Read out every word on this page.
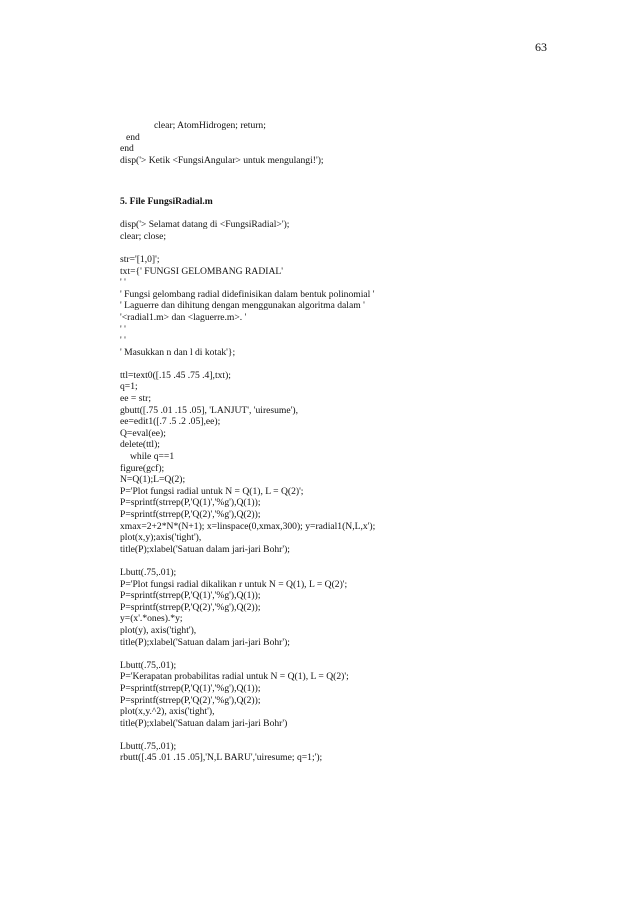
63
clear; AtomHidrogen; return;
end
end
disp('> Ketik <FungsiAngular> untuk mengulangi!');
5. File FungsiRadial.m
disp('> Selamat datang di <FungsiRadial>');
clear; close;
str='[1,0]';
txt={' FUNGSI GELOMBANG RADIAL'
' '
' Fungsi gelombang radial didefinisikan dalam bentuk polinomial '
' Laguerre dan dihitung dengan menggunakan algoritma dalam '
'<radial1.m> dan <laguerre.m>. '
' '
' '
' Masukkan n dan l di kotak'};
ttl=text0([.15 .45 .75 .4],txt);
q=1;
ee = str;
gbutt([.75 .01 .15 .05], 'LANJUT', 'uiresume'),
ee=edit1([.7 .5 .2 .05],ee);
Q=eval(ee);
delete(ttl);
while q==1
figure(gcf);
N=Q(1);L=Q(2);
P='Plot fungsi radial untuk N = Q(1), L = Q(2)';
P=sprintf(strrep(P,'Q(1)','%g'),Q(1));
P=sprintf(strrep(P,'Q(2)','%g'),Q(2));
xmax=2+2*N*(N+1); x=linspace(0,xmax,300); y=radial1(N,L,x');
plot(x,y);axis('tight'),
title(P);xlabel('Satuan dalam jari-jari Bohr');
Lbutt(.75,.01);
P='Plot fungsi radial dikalikan r untuk N = Q(1), L = Q(2)';
P=sprintf(strrep(P,'Q(1)','%g'),Q(1));
P=sprintf(strrep(P,'Q(2)','%g'),Q(2));
y=(x'.*ones).*y;
plot(y), axis('tight'),
title(P);xlabel('Satuan dalam jari-jari Bohr');
Lbutt(.75,.01);
P='Kerapatan probabilitas radial untuk N = Q(1), L = Q(2)';
P=sprintf(strrep(P,'Q(1)','%g'),Q(1));
P=sprintf(strrep(P,'Q(2)','%g'),Q(2));
plot(x,y.^2), axis('tight'),
title(P);xlabel('Satuan dalam jari-jari Bohr')
Lbutt(.75,.01);
rbutt([.45 .01 .15 .05],'N,L BARU','uiresume; q=1;');
